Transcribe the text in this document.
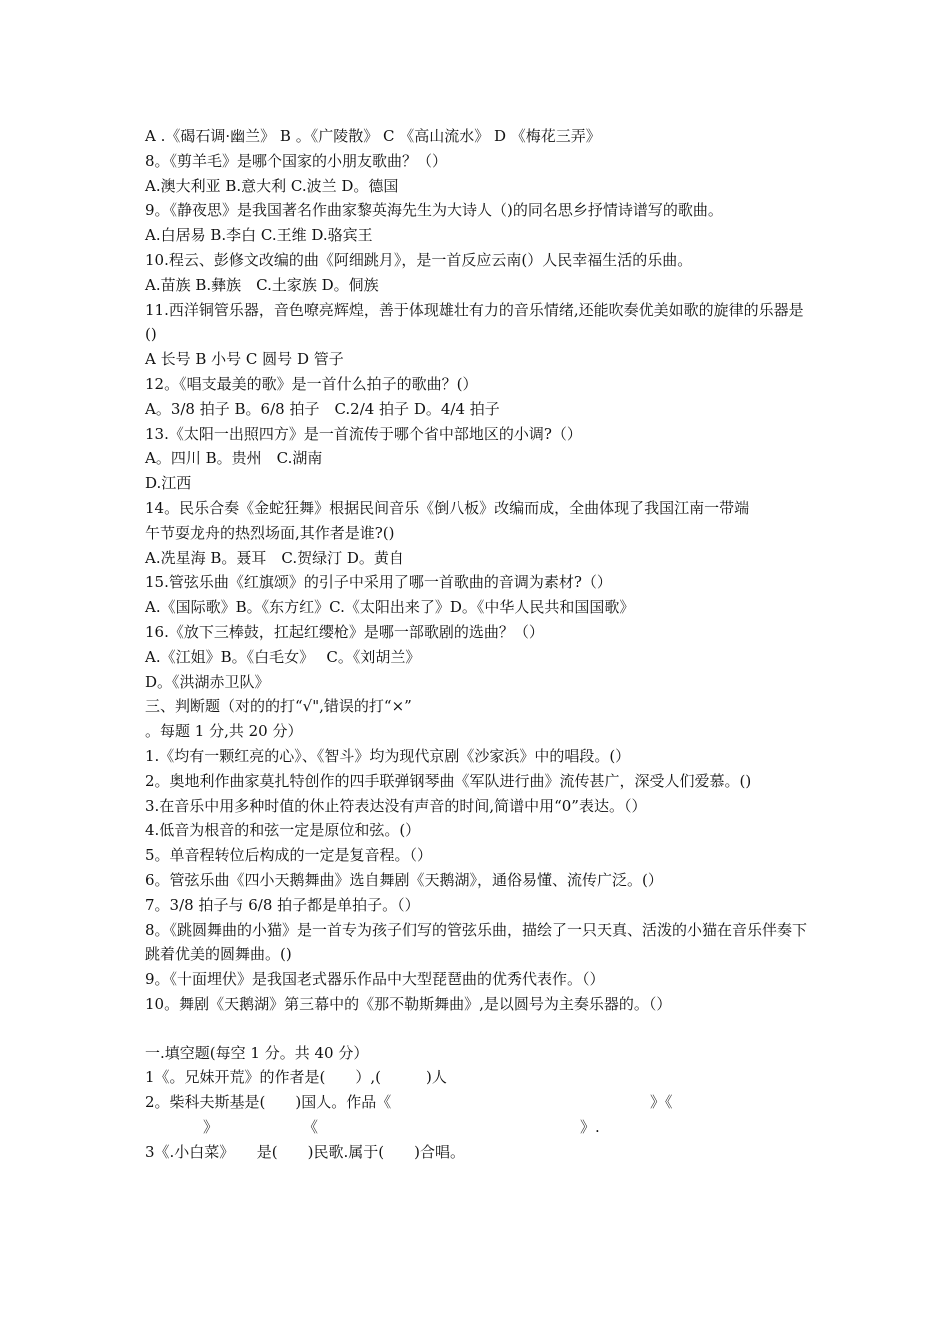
A .《碣石调·幽兰》 B 。《广陵散》 C 《高山流水》 D 《梅花三弄》
8。《剪羊毛》是哪个国家的小朋友歌曲？（）
A.澳大利亚 B.意大利 C.波兰 D。德国
9。《静夜思》是我国著名作曲家黎英海先生为大诗人（)的同名思乡抒情诗谱写的歌曲。
A.白居易 B.李白 C.王维 D.骆宾王
10.程云、彭修文改编的曲《阿细跳月》，是一首反应云南(）人民幸福生活的乐曲。
A.苗族 B.彝族　C.土家族 D。侗族
11.西洋铜管乐器，音色嘹亮辉煌，善于体现雄壮有力的音乐情绪,还能吹奏优美如歌的旋律的乐器是()
A 长号 B 小号 C 圆号 D 管子
12。《唱支最美的歌》是一首什么拍子的歌曲？(）
A。3/8 拍子 B。6/8 拍子　C.2/4 拍子 D。4/4 拍子
13.《太阳一出照四方》是一首流传于哪个省中部地区的小调?（）
A。四川 B。贵州　C.湖南
D.江西
14。民乐合奏《金蛇狂舞》根据民间音乐《倒八板》改编而成，全曲体现了我国江南一带端
午节耍龙舟的热烈场面,其作者是谁?()
A.冼星海 B。聂耳　C.贺绿汀 D。黄自
15.管弦乐曲《红旗颂》的引子中采用了哪一首歌曲的音调为素材?（）
A.《国际歌》B。《东方红》C.《太阳出来了》D。《中华人民共和国国歌》
16.《放下三棒鼓，扛起红缨枪》是哪一部歌剧的选曲？（）
A.《江姐》B。《白毛女》　 C。《刘胡兰》
D。《洪湖赤卫队》
三、判断题（对的的打“√",错误的打“×”
。每题 1 分,共 20 分）
1.《均有一颗红亮的心》、《智斗》均为现代京剧《沙家浜》中的唱段。(）
2。奥地利作曲家莫扎特创作的四手联弹钢琴曲《军队进行曲》流传甚广，深受人们爱慕。()
3.在音乐中用多种时值的休止符表达没有声音的时间,简谱中用“0”表达。（）
4.低音为根音的和弦一定是原位和弦。(）
5。单音程转位后构成的一定是复音程。（）
6。管弦乐曲《四小天鹅舞曲》选自舞剧《天鹅湖》，通俗易懂、流传广泛。(）
7。3/8 拍子与 6/8 拍子都是单拍子。（）
8。《跳圆舞曲的小猫》是一首专为孩子们写的管弦乐曲，描绘了一只天真、活泼的小猫在音乐伴奏下跳着优美的圆舞曲。()
9。《十面埋伏》是我国老式器乐作品中大型琵琶曲的优秀代表作。（）
10。舞剧《天鹅湖》第三幕中的《那不勒斯舞曲》,是以圆号为主奏乐器的。（）
一.填空题(每空 1 分。共 40 分）
1《。兄妹开荒》的作者是(　　）,(　　　)人
2。柴科夫斯基是(　　)国人。作品《	》《
》	《	》.
3《.小白菜》　　是(　　)民歌.属于(　　)合唱。
